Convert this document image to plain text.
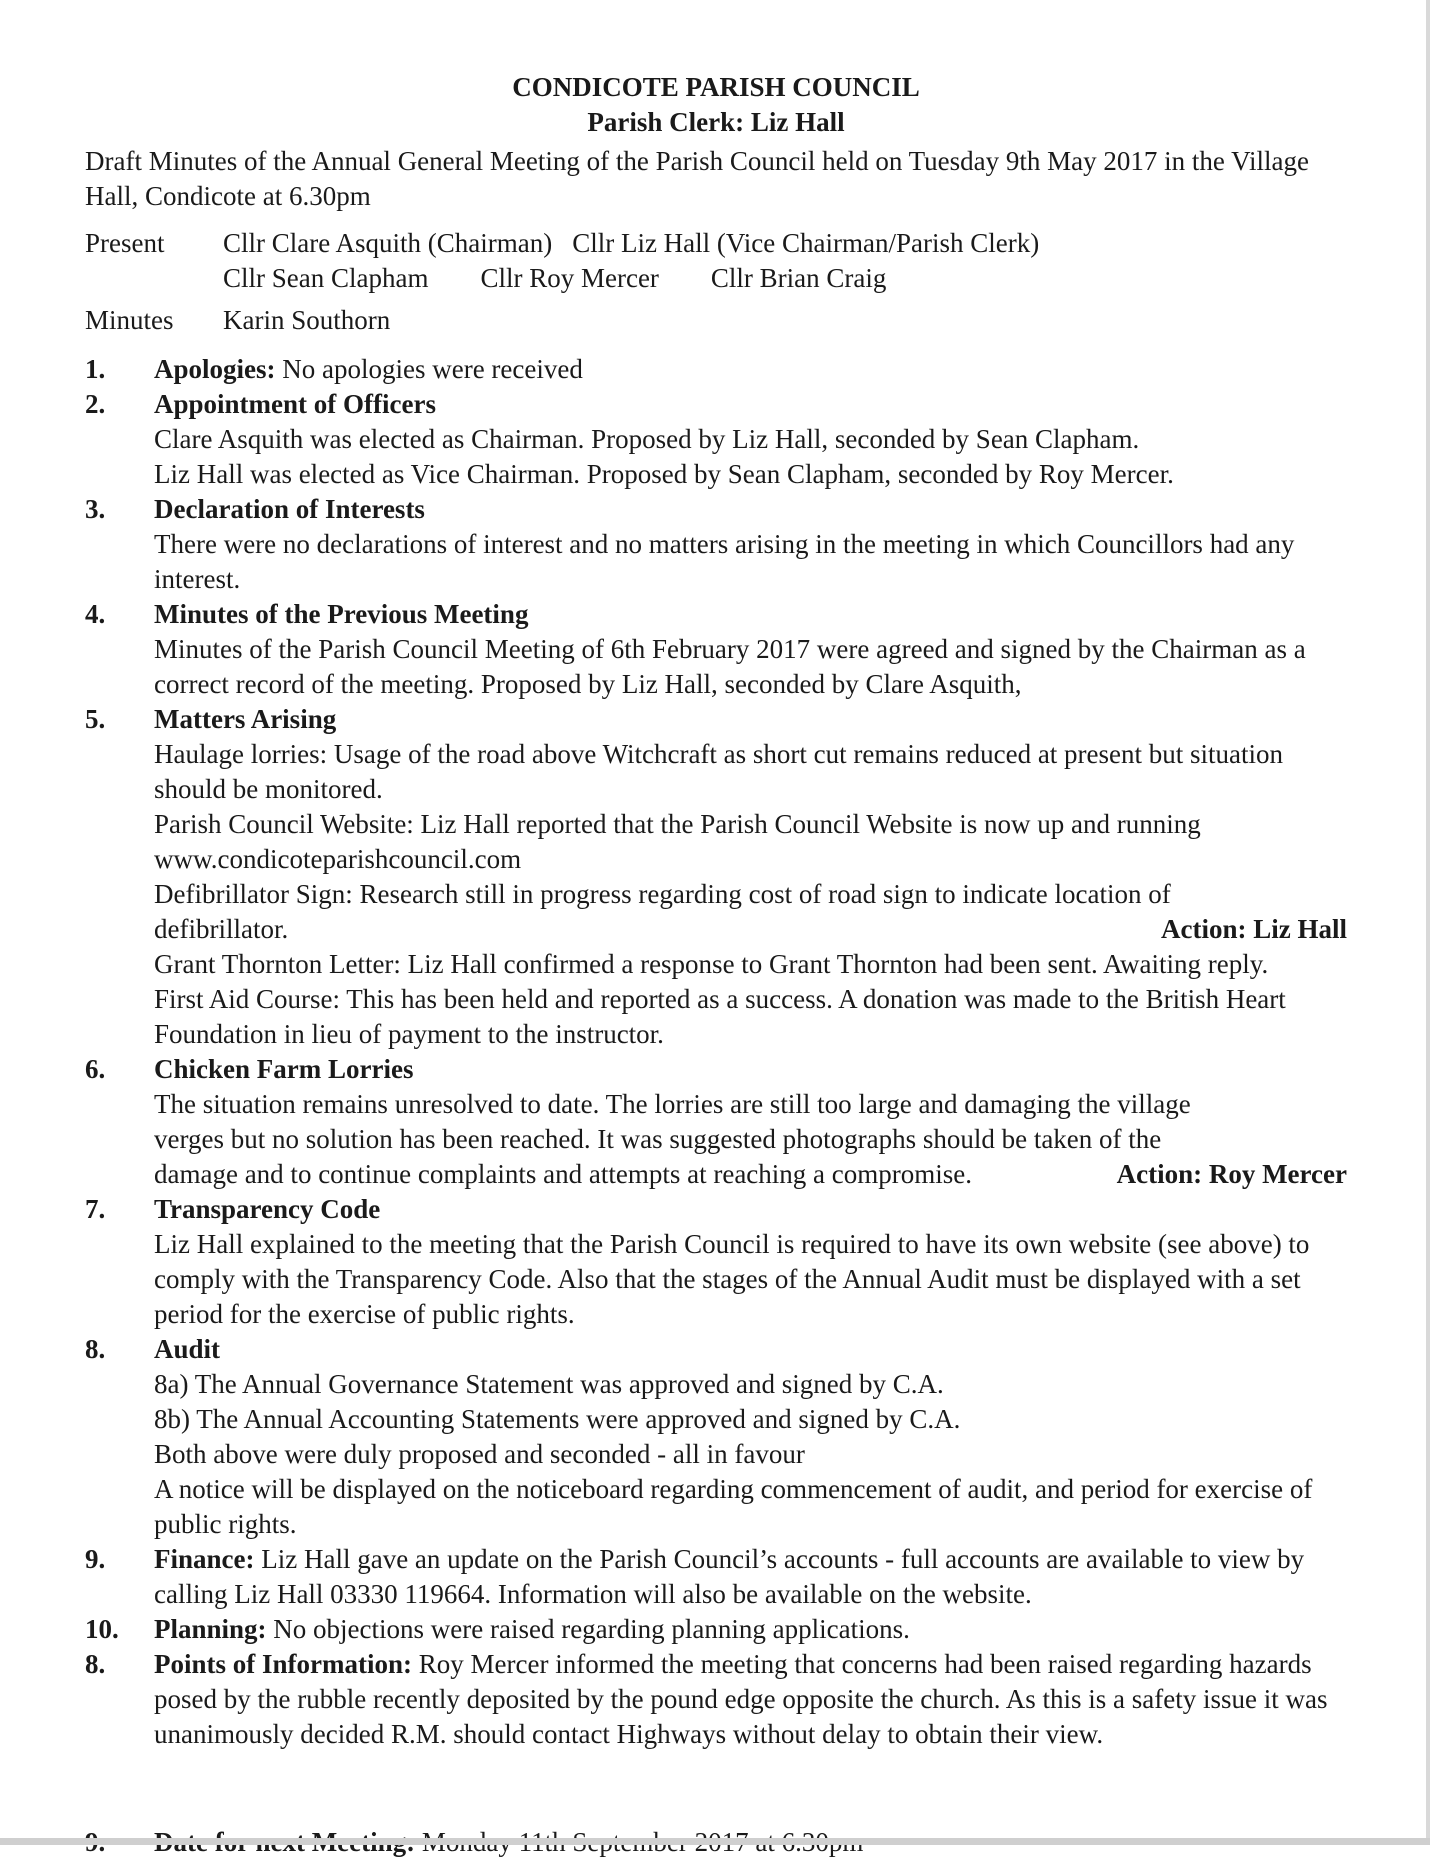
CONDICOTE PARISH COUNCIL
Parish Clerk: Liz Hall

Draft Minutes of the Annual General Meeting of the Parish Council held on Tuesday 9th May 2017 in the Village Hall, Condicote at 6.30pm

Present	Cllr Clare Asquith (Chairman) Cllr Liz Hall (Vice Chairman/Parish Clerk)
Cllr Sean Clapham Cllr Roy Mercer Cllr Brian Craig
Minutes	Karin Southorn
1.	Apologies: No apologies were received
2.	Appointment of Officers
Clare Asquith was elected as Chairman. Proposed by Liz Hall, seconded by Sean Clapham.
Liz Hall was elected as Vice Chairman. Proposed by Sean Clapham, seconded by Roy Mercer.
3.	Declaration of Interests
There were no declarations of interest and no matters arising in the meeting in which Councillors had any interest.
4.	Minutes of the Previous Meeting
Minutes of the Parish Council Meeting of 6th February 2017 were agreed and signed by the Chairman as a correct record of the meeting. Proposed by Liz Hall, seconded by Clare Asquith,
5.	Matters Arising
Haulage lorries: Usage of the road above Witchcraft as short cut remains reduced at present but situation should be monitored.
Parish Council Website: Liz Hall reported that the Parish Council Website is now up and running www.condicoteparishcouncil.com
Defibrillator Sign: Research still in progress regarding cost of road sign to indicate location of
defibrillator.	Action: Liz Hall
Grant Thornton Letter: Liz Hall confirmed a response to Grant Thornton had been sent. Awaiting reply.
First Aid Course: This has been held and reported as a success. A donation was made to the British Heart Foundation in lieu of payment to the instructor.
6.	Chicken Farm Lorries
The situation remains unresolved to date. The lorries are still too large and damaging the village
verges but no solution has been reached. It was suggested photographs should be taken of the
damage and to continue complaints and attempts at reaching a compromise.	Action: Roy Mercer
7.	Transparency Code
Liz Hall explained to the meeting that the Parish Council is required to have its own website (see above) to comply with the Transparency Code. Also that the stages of the Annual Audit must be displayed with a set period for the exercise of public rights.
8.	Audit
8a) The Annual Governance Statement was approved and signed by C.A.
8b) The Annual Accounting Statements were approved and signed by C.A.
Both above were duly proposed and seconded - all in favour
A notice will be displayed on the noticeboard regarding commencement of audit, and period for exercise of public rights.
9.	Finance: Liz Hall gave an update on the Parish Council’s accounts - full accounts are available to view by calling Liz Hall 03330 119664. Information will also be available on the website.
10.	Planning: No objections were raised regarding planning applications.
8.	Points of Information: Roy Mercer informed the meeting that concerns had been raised regarding hazards posed by the rubble recently deposited by the pound edge opposite the church. As this is a safety issue it was unanimously decided R.M. should contact Highways without delay to obtain their view.
